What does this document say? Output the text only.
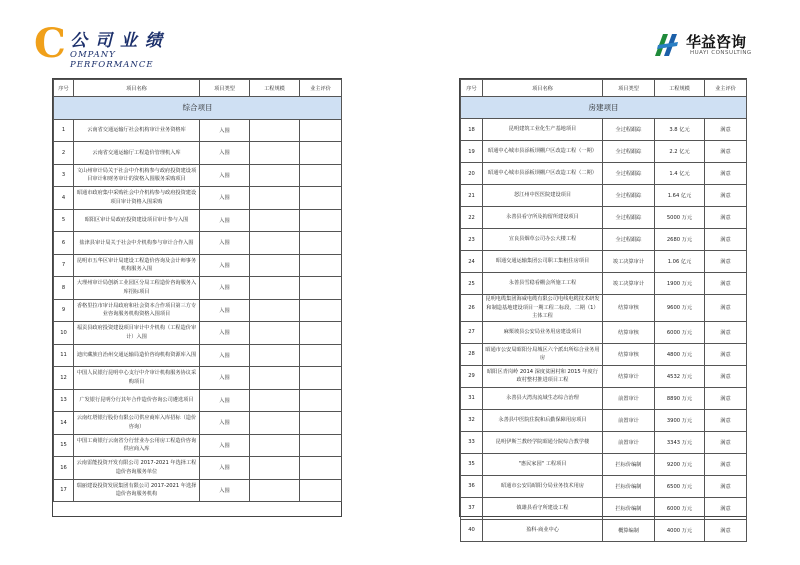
C 公司业绩
OMPANY PERFORMANCE
华益咨询
HUAYI CONSULTING
序号	项目名称	项目类型	工程规模	业主评价
综合项目				
1	云南省交通运输厅社会机构审计业务资格库	入围		
2	云南省交通运输厅工程造价管理机入库	入围		
3	文山州审计局关于社会中介机构参与政府投资建设项目审计和财务审计的资格入围服务采购项目	入围		
4	昭通市政府集中采购社会中介机构参与政府投资建设项目审计资格入围采购	入围		
5	昭阳区审计局政府投资建设项目审计参与入围	入围		
6	盐津县审计局关于社会中介机构参与审计合作入围	入围		
7	昆明市五华区审计局建设工程造价咨询及会计师事务机构服务入围	入围		
8	大理州审计局创新工业园区分局工程造价咨询服务入库招标项目	入围		
9	香格里拉市审计局政府和社会资本合作项目第三方专业咨询服务机构资格入围项目	入围		
10	福贡县政府投资建设项目审计中介机构（工程造价审计）入围	入围		
11	迪庆藏族自治州交通运输局造价咨询机构资源库入围	入围		
12	中国人民银行昆明中心支行中介审计机构服务协议采购项目	入围		
13	广发银行昆明分行其年合作造价咨询公司遴选项目	入围		
14	云南红塔银行股份有限公司供应商库入库招标（造价咨询）	入围		
15	中国工商银行云南省分行营业办公用房工程造价咨询供应商入库	入围		
16	云南雷能投资开发有限公司 2017-2021 年选择工程造价咨询服务单位	入围		
17	瑞丽建设投资发展集团有限公司 2017-2021 年选择造价咨询服务机构	入围		
序号	项目名称	项目类型	工程规模	业主评价
房建项目				
18	昆明建筑工业化生产基地项目	全过程跟踪	3.8 亿元	满意
19	昭通中心城市县添板坝棚户区改造工程（一期）	全过程跟踪	2.2 亿元	满意
20	昭通中心城市县添板坝棚户区改造工程（二期）	全过程跟踪	1.4 亿元	满意
21	怒江州中医医院建设项目	全过程跟踪	1.64 亿元	满意
22	永善县看守所及拘留所建设项目	全过程跟踪	5000 万元	满意
23	宣良县烟草公司办公大楼工程	全过程跟踪	2680 万元	满意
24	昭通交通运输集团公司职工集租住房项目	竣工决算审计	1.06 亿元	满意
25	永善县雪稳看棚会所施工工程	竣工决算审计	1900 万元	满意
26	昆明电缆集团海威电缆有限公司电线电缆技术研发和制造基地建设项目一期工程二标段、二期（1）主体工程	结算审核	9600 万元	满意
27	麻栗坡县公安局业务用房建设项目	结算审核	6000 万元	满意
28	昭通市公安局昭阳分局城区六个派出所综合业务用房	结算审核	4800 万元	满意
29	昭阳区青岗岭 2014 深度贫困村和 2015 年度行政村整村推进项目工程	结算审计	4532 万元	满意
31	永善县大湾沟流域生态综合治理	前置审计	8890 万元	满意
32	永善县中医院住院和后勤保障用房项目	前置审计	3900 万元	满意
33	昆明伊斯兰教经学院昭通分院综合教学楼	前置审计	3343 万元	满意
35	"惠民家园" 工程项目	拦标价编制	9200 万元	满意
36	昭通市公安局昭阳分局业务技术用房	拦标价编制	6500 万元	满意
37	镇雄县看守所建设工程	拦标价编制	6000 万元	满意
40	盈科·商业中心	概算编制	4000 万元	满意
